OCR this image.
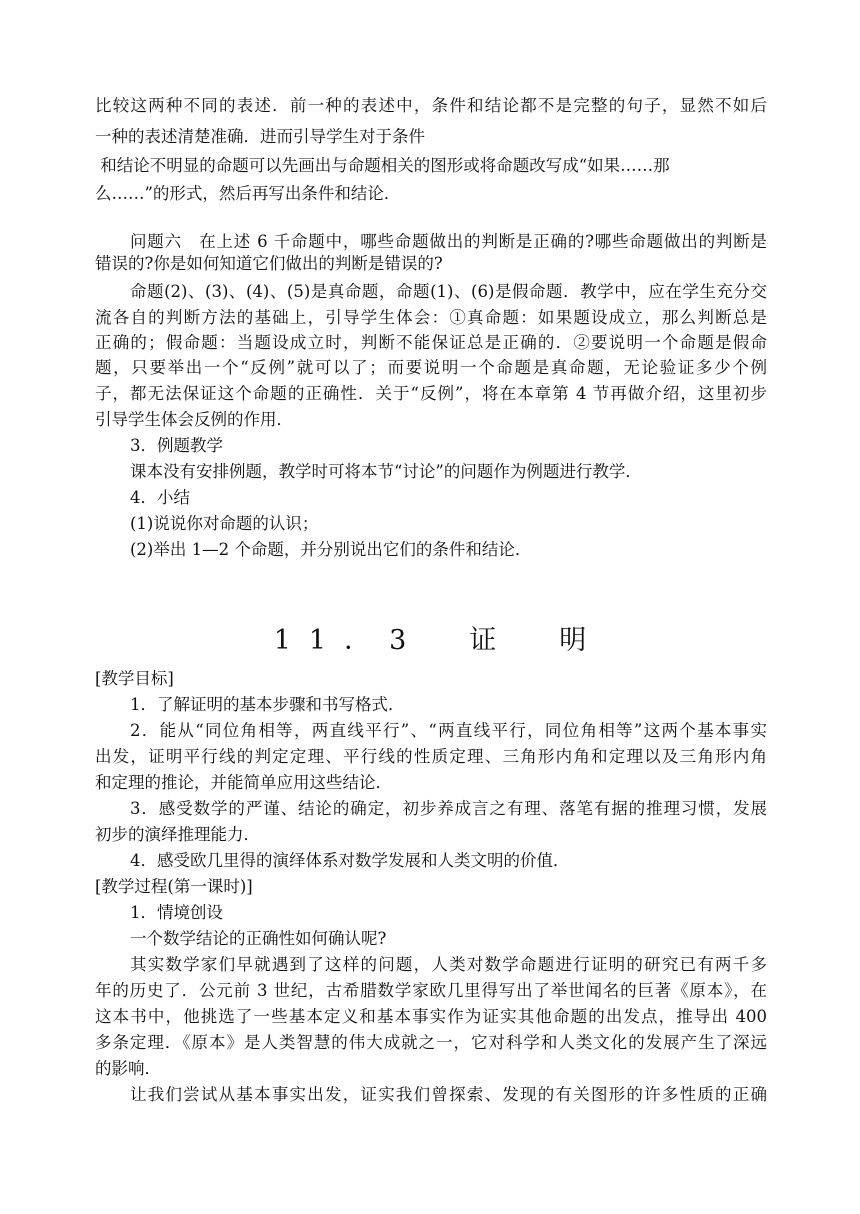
比较这两种不同的表述．前一种的表述中，条件和结论都不是完整的句子，显然不如后
一种的表述清楚准确．进而引导学生对于条件
和结论不明显的命题可以先画出与命题相关的图形或将命题改写成“如果……那
么……”的形式，然后再写出条件和结论．
问题六　在上述 6 千命题中，哪些命题做出的判断是正确的?哪些命题做出的判断是
错误的?你是如何知道它们做出的判断是错误的?
命题(2)、(3)、(4)、(5)是真命题，命题(1)、(6)是假命题．教学中，应在学生充分交
流各自的判断方法的基础上，引导学生体会：①真命题：如果题设成立，那么判断总是
正确的；假命题：当题设成立时，判断不能保证总是正确的．②要说明一个命题是假命
题，只要举出一个“反例”就可以了；而要说明一个命题是真命题，无论验证多少个例
子，都无法保证这个命题的正确性．关于“反例”，将在本章第 4 节再做介绍，这里初步
引导学生体会反例的作用．
3．例题教学
课本没有安排例题，教学时可将本节“讨论”的问题作为例题进行教学．
4．小结
(1)说说你对命题的认识；
(2)举出 1—2 个命题，并分别说出它们的条件和结论．
11．3　证　明
[教学目标]
1．了解证明的基本步骤和书写格式．
2．能从“同位角相等，两直线平行”、“两直线平行，同位角相等”这两个基本事实
出发，证明平行线的判定定理、平行线的性质定理、三角形内角和定理以及三角形内角
和定理的推论，并能简单应用这些结论．
3．感受数学的严谨、结论的确定，初步养成言之有理、落笔有据的推理习惯，发展
初步的演绎推理能力．
4．感受欧几里得的演绎体系对数学发展和人类文明的价值．
[教学过程(第一课时)]
1．情境创设
一个数学结论的正确性如何确认呢?
其实数学家们早就遇到了这样的问题，人类对数学命题进行证明的研究已有两千多
年的历史了．公元前 3 世纪，古希腊数学家欧几里得写出了举世闻名的巨著《原本》，在
这本书中，他挑选了一些基本定义和基本事实作为证实其他命题的出发点，推导出 400
多条定理．《原本》是人类智慧的伟大成就之一，它对科学和人类文化的发展产生了深远
的影响．
让我们尝试从基本事实出发，证实我们曾探索、发现的有关图形的许多性质的正确
